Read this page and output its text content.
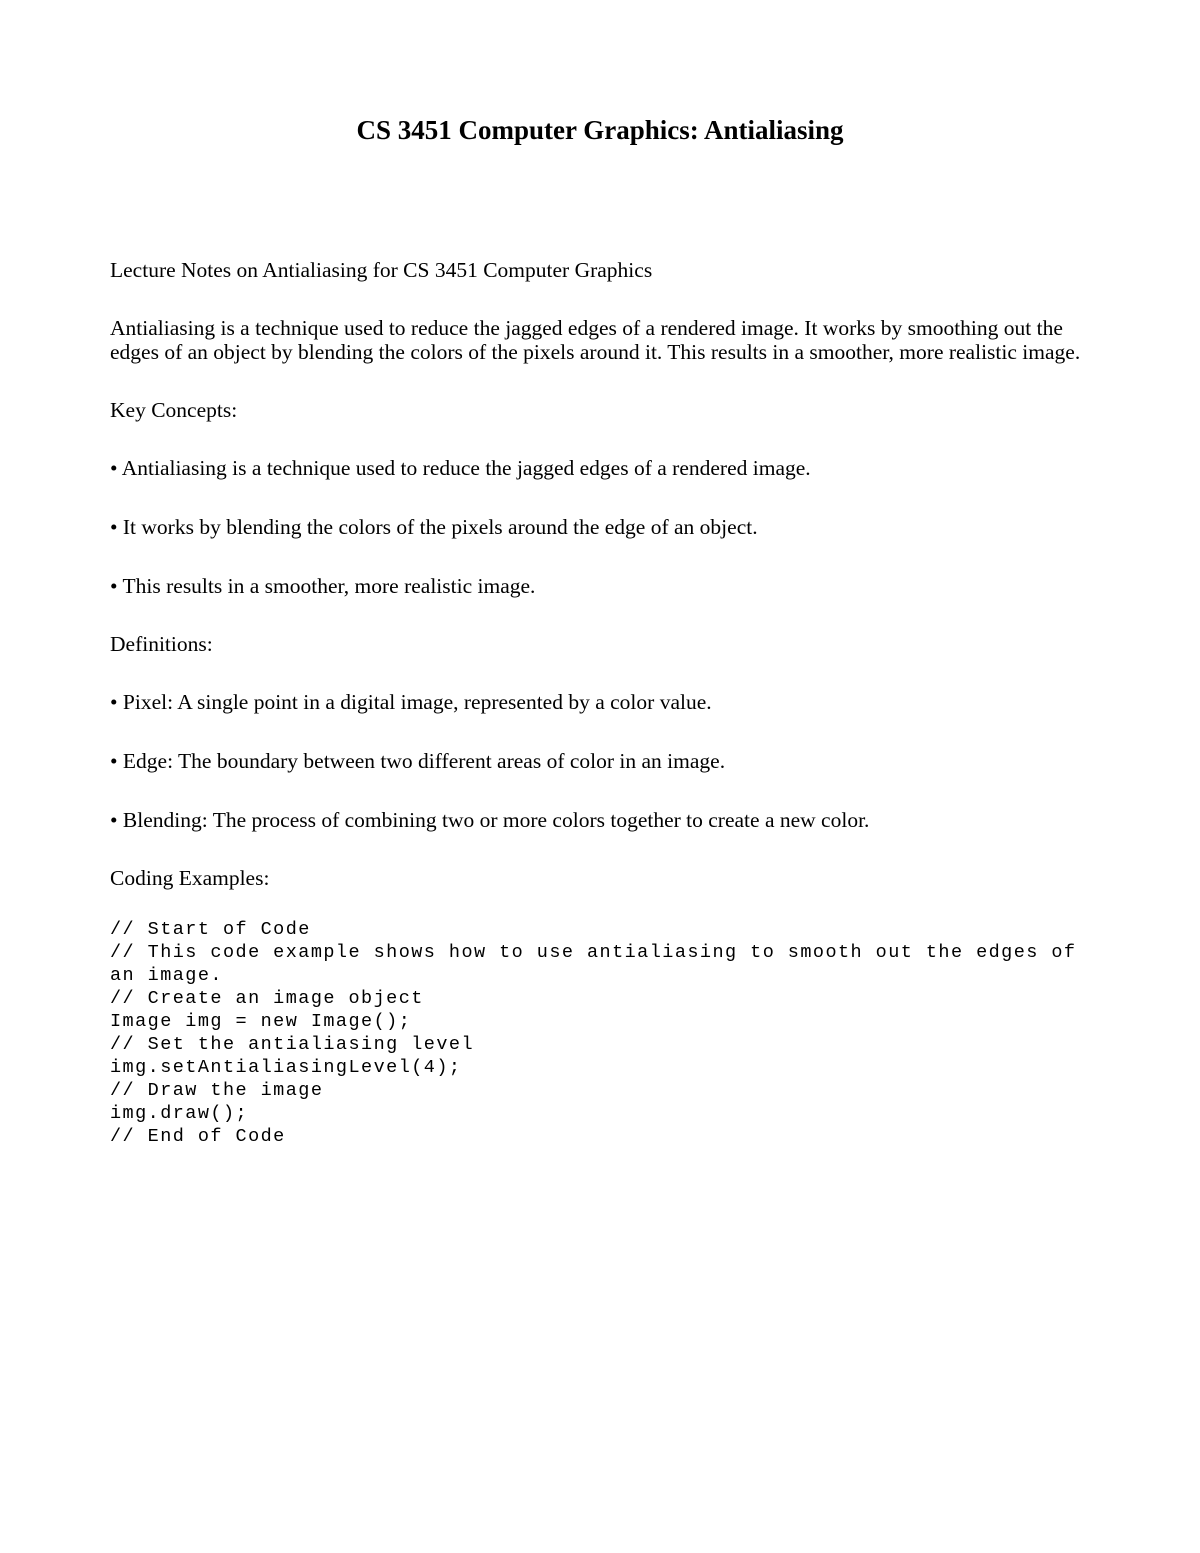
CS 3451 Computer Graphics: Antialiasing

Lecture Notes on Antialiasing for CS 3451 Computer Graphics

Antialiasing is a technique used to reduce the jagged edges of a rendered image. It works by smoothing out the edges of an object by blending the colors of the pixels around it. This results in a smoother, more realistic image.

Key Concepts:

• Antialiasing is a technique used to reduce the jagged edges of a rendered image.

• It works by blending the colors of the pixels around the edge of an object.

• This results in a smoother, more realistic image.

Definitions:

• Pixel: A single point in a digital image, represented by a color value.

• Edge: The boundary between two different areas of color in an image.

• Blending: The process of combining two or more colors together to create a new color.

Coding Examples:

// Start of Code

// This code example shows how to use antialiasing to smooth out the edges of an image.

// Create an image object

Image img = new Image();

// Set the antialiasing level

img.setAntialiasingLevel(4);

// Draw the image

img.draw();

// End of Code
